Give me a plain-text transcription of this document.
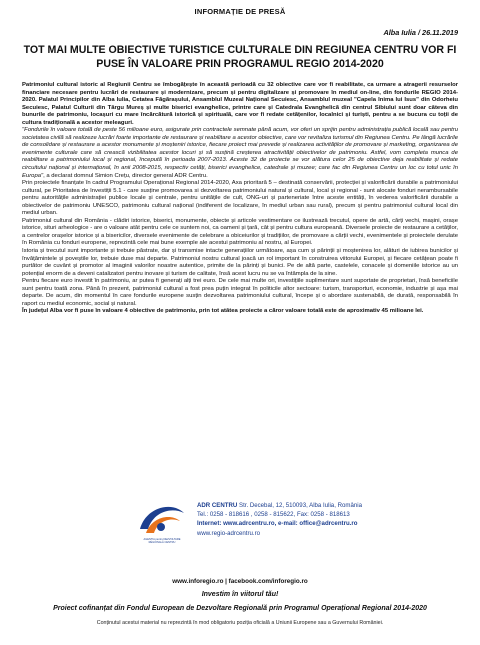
INFORMAȚIE DE PRESĂ
Alba Iulia / 26.11.2019
TOT MAI MULTE OBIECTIVE TURISTICE CULTURALE DIN REGIUNEA CENTRU VOR FI PUSE ÎN VALOARE PRIN PROGRAMUL REGIO 2014-2020

Patrimoniul cultural istoric al Regiunii Centru se îmbogățește în această perioadă cu 32 obiective care vor fi reabilitate, ca urmare a atragerii resurselor financiare necesare pentru lucrări de restaurare și modernizare, precum și pentru digitalizare și promovare în mediul on-line, din fondurile REGIO 2014-2020. Palatul Principilor din Alba Iulia, Cetatea Făgărașului, Ansamblul Muzeal Național Secuiesc, Ansamblul muzeal "Capela Inima lui Isus" din Odorheiu Secuiesc, Palatul Culturii din Târgu Mureș și multe biserici evanghelice, printre care și Catedrala Evanghelică din centrul Sibiului sunt doar câteva din bunurile de patrimoniu, locașuri cu mare încărcătură istorică și spirituală, care vor fi redate cetățenilor, localnici și turiști, pentru a se bucura cu toții de cultura tradițională a acestor meleaguri.

"Fondurile în valoare totală de peste 56 milioane euro, asigurate prin contractele semnate până acum, vor oferi un sprijin pentru administrația publică locală sau pentru societatea civilă să realizeze lucrări foarte importante de restaurare și reabilitare a acestor obiective, care vor revitaliza turismul din Regiunea Centru. Pe lângă lucrările de consolidare și restaurare a acestor monumente și moșteniri istorice, fiecare proiect mai prevede și realizarea activităților de promovare și marketing, organizarea de evenimente culturale care să crească vizibilitatea acestor locuri și să susțină creșterea atractivității obiectivelor de patrimoniu. Astfel, vom completa munca de reabilitare a patrimoniului local și regional, începută în perioada 2007-2013. Aceste 32 de proiecte se vor alătura celor 25 de obiective deja reabilitate și redate circuitului național și internațional, în anii 2008-2015, respectiv cetăți, biserici evanghelice, catedrale și muzee; care fac din Regiunea Centru un loc cu totul unic în Europa", a declarat domnul Simion Crețu, director general ADR Centru.

Prin proiectele finanțate în cadrul Programului Operațional Regional 2014-2020, Axa prioritară 5 – destinată conservării, protecției și valorificării durabile a patrimoniului cultural, pe Prioritatea de Investiții 5.1 - care susține promovarea si dezvoltarea patrimoniului natural și cultural, local și regional - sunt alocate fonduri nerambursabile pentru autoritățile administrației publice locale și centrale, pentru unitățile de cult, ONG-uri și parteneriate între aceste entități, în vederea valorificării durabile a obiectivelor de patrimoniu UNESCO, patrimoniu cultural național (indiferent de localizare, în mediul urban sau rural), precum și pentru patrimoniul cultural local din mediul urban.

Patrimoniul cultural din România - clădiri istorice, biserici, monumente, obiecte și articole vestimentare ce ilustrează trecutul, opere de artă, cărți vechi, mașini, orașe istorice, situri arheologice - are o valoare atât pentru cele ce suntem noi, ca oameni și țară, cât și pentru cultura europeană. Diversele proiecte de restaurare a cetăților, a centrelor orașelor istorice și a bisericilor, diversele evenimente de celebrare a obiceiurilor și tradițiilor, de promovare a cărții vechi, evenimentele și proiectele derulate în România cu fonduri europene, reprezintă cele mai bune exemple ale acestui patrimoniu al nostru, al Europei.

Istoria și trecutul sunt importante și trebuie păstrate, dar și transmise intacte generațiilor următoare, așa cum și părinții și moștenirea lor, alături de iubirea bunicilor și învățămintele și poveștile lor, trebuie duse mai departe. Patrimoniul nostru cultural joacă un rol important în construirea viitorului Europei, și fiecare cetățean poate fi purtător de cuvânt și promotor al imaginii valorilor noastre autentice, primite de la părinți și bunici. Pe de altă parte, castelele, conacele și domeniile istorice au un potențial enorm de a deveni catalizatori pentru inovare și turism de calitate, însă acest lucru nu se va întâmpla de la sine.

Pentru fiecare euro investit în patrimoniu, ar putea fi generați alți trei euro. De cele mai multe ori, investițiile suplimentare sunt suportate de proprietari, însă beneficiile sunt pentru toată zona. Până în prezent, patrimoniul cultural a fost prea puțin integrat în politicile altor sectoare: turism, transporturi, economie, industrie și așa mai departe. De acum, din momentul în care fondurile europene susțin dezvoltarea patrimoniului cultural, începe și o abordare sustenabilă, de durată, responsabilă în raport cu mediul economic, social și natural.

În județul Alba vor fi puse în valoare 4 obiective de patrimoniu, prin tot atâtea proiecte a căror valoare totală este de aproximativ 45 milioane lei.

AGENȚIA pentru DEZVOLTARE REGIONALĂ CENTRU
ADR CENTRU Str. Decebal, 12, 510093, Alba Iulia, România
Tel.: 0258 - 818616 , 0258 - 815622, Fax: 0258 - 818613
Internet: www.adrcentru.ro, e-mail: office@adrcentru.ro
www.regio-adrcentru.ro
www.inforegio.ro | facebook.com/inforegio.ro
Investim în viitorul tău!
Proiect cofinanțat din Fondul European de Dezvoltare Regională prin Programul Operațional Regional 2014-2020
Conținutul acestui material nu reprezintă în mod obligatoriu poziția oficială a Uniunii Europene sau a Guvernului României.
